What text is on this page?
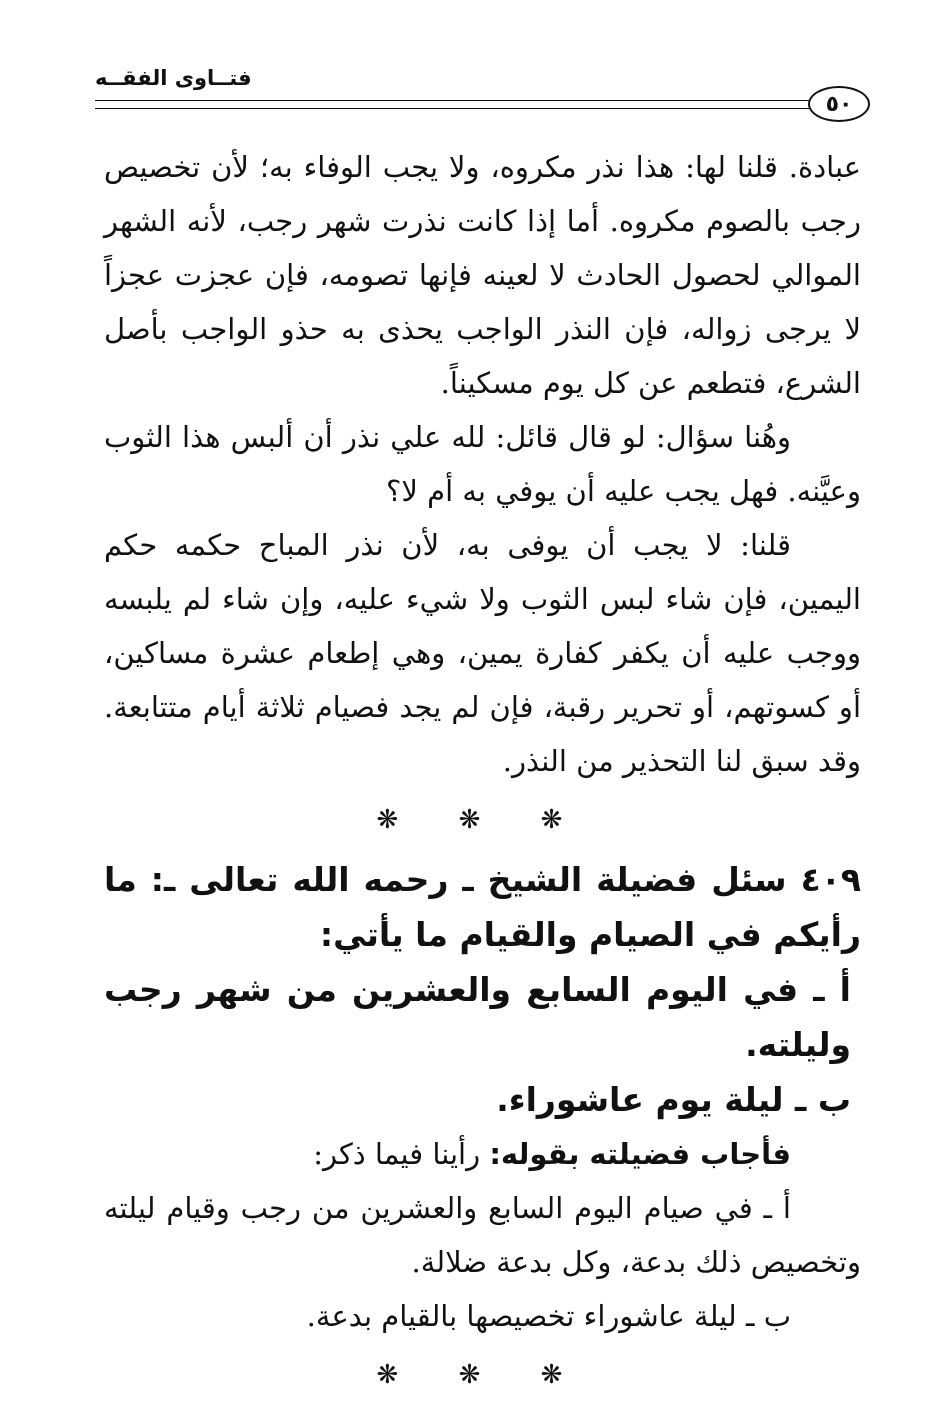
فتــاوى الفقــه
٥٠

عبادة. قلنا لها: هذا نذر مكروه، ولا يجب الوفاء به؛ لأن تخصيص رجب بالصوم مكروه. أما إذا كانت نذرت شهر رجب، لأنه الشهر الموالي لحصول الحادث لا لعينه فإنها تصومه، فإن عجزت عجزاً لا يرجى زواله، فإن النذر الواجب يحذى به حذو الواجب بأصل الشرع، فتطعم عن كل يوم مسكيناً.

وهُنا سؤال: لو قال قائل: لله علي نذر أن ألبس هذا الثوب وعيَّنه. فهل يجب عليه أن يوفي به أم لا؟

قلنا: لا يجب أن يوفى به، لأن نذر المباح حكمه حكم اليمين، فإن شاء لبس الثوب ولا شيء عليه، وإن شاء لم يلبسه ووجب عليه أن يكفر كفارة يمين، وهي إطعام عشرة مساكين، أو كسوتهم، أو تحرير رقبة، فإن لم يجد فصيام ثلاثة أيام متتابعة. وقد سبق لنا التحذير من النذر.

❋ ❋ ❋

٤٠٩ سئل فضيلة الشيخ ـ رحمه الله تعالى ـ: ما رأيكم في الصيام والقيام ما يأتي:

أ ـ في اليوم السابع والعشرين من شهر رجب وليلته.

ب ـ ليلة يوم عاشوراء.

فأجاب فضيلته بقوله: رأينا فيما ذكر:

أ ـ في صيام اليوم السابع والعشرين من رجب وقيام ليلته وتخصيص ذلك بدعة، وكل بدعة ضلالة.

ب ـ ليلة عاشوراء تخصيصها بالقيام بدعة.

❋ ❋ ❋
